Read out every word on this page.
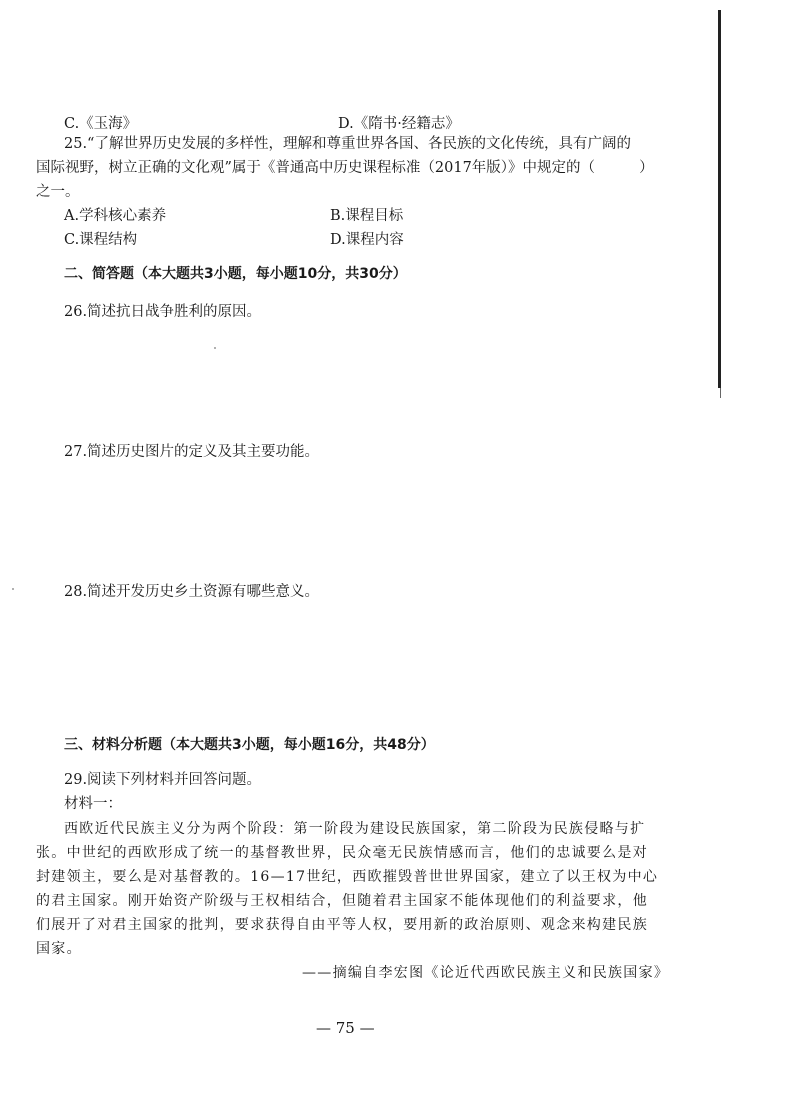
C.《玉海》	D.《隋书·经籍志》
25.“了解世界历史发展的多样性，理解和尊重世界各国、各民族的文化传统，具有广阔的
国际视野，树立正确的文化观”属于《普通高中历史课程标准（2017年版）》中规定的（	）
之一。
A.学科核心素养	B.课程目标
C.课程结构	D.课程内容
二、简答题（本大题共3小题，每小题10分，共30分）
26.简述抗日战争胜利的原因。
27.简述历史图片的定义及其主要功能。
28.简述开发历史乡土资源有哪些意义。
三、材料分析题（本大题共3小题，每小题16分，共48分）
29.阅读下列材料并回答问题。
材料一：
西欧近代民族主义分为两个阶段：第一阶段为建设民族国家，第二阶段为民族侵略与扩
张。中世纪的西欧形成了统一的基督教世界，民众毫无民族情感而言，他们的忠诚要么是对
封建领主，要么是对基督教的。16—17世纪，西欧摧毁普世世界国家，建立了以王权为中心
的君主国家。刚开始资产阶级与王权相结合，但随着君主国家不能体现他们的利益要求，他
们展开了对君主国家的批判，要求获得自由平等人权，要用新的政治原则、观念来构建民族
国家。
——摘编自李宏图《论近代西欧民族主义和民族国家》
— 75 —
